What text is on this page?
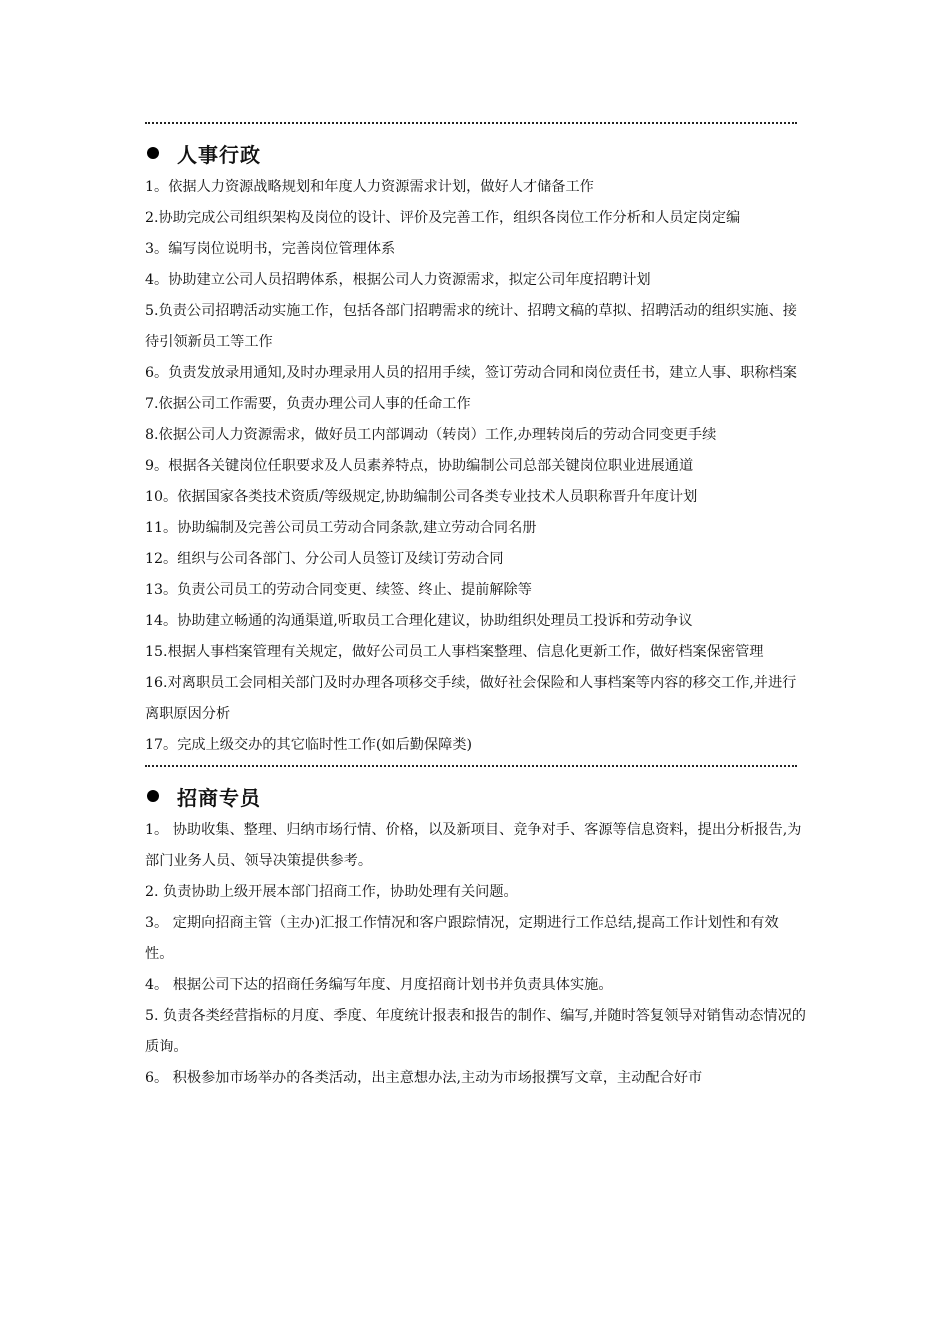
人事行政

1。依据人力资源战略规划和年度人力资源需求计划，做好人才储备工作

2.协助完成公司组织架构及岗位的设计、评价及完善工作，组织各岗位工作分析和人员定岗定编

3。编写岗位说明书，完善岗位管理体系

4。协助建立公司人员招聘体系，根据公司人力资源需求，拟定公司年度招聘计划

5.负责公司招聘活动实施工作，包括各部门招聘需求的统计、招聘文稿的草拟、招聘活动的组织实施、接待引领新员工等工作

6。负责发放录用通知,及时办理录用人员的招用手续，签订劳动合同和岗位责任书，建立人事、职称档案

7.依据公司工作需要，负责办理公司人事的任命工作

8.依据公司人力资源需求，做好员工内部调动（转岗）工作,办理转岗后的劳动合同变更手续

9。根据各关键岗位任职要求及人员素养特点，协助编制公司总部关键岗位职业进展通道

10。依据国家各类技术资质/等级规定,协助编制公司各类专业技术人员职称晋升年度计划

11。协助编制及完善公司员工劳动合同条款,建立劳动合同名册

12。组织与公司各部门、分公司人员签订及续订劳动合同

13。负责公司员工的劳动合同变更、续签、终止、提前解除等

14。协助建立畅通的沟通渠道,听取员工合理化建议，协助组织处理员工投诉和劳动争议

15.根据人事档案管理有关规定，做好公司员工人事档案整理、信息化更新工作，做好档案保密管理

16.对离职员工会同相关部门及时办理各项移交手续，做好社会保险和人事档案等内容的移交工作,并进行离职原因分析

17。完成上级交办的其它临时性工作(如后勤保障类)

招商专员

1。 协助收集、整理、归纳市场行情、价格，以及新项目、竞争对手、客源等信息资料，提出分析报告,为部门业务人员、领导决策提供参考。

2. 负责协助上级开展本部门招商工作，协助处理有关问题。

3。 定期向招商主管（主办)汇报工作情况和客户跟踪情况，定期进行工作总结,提高工作计划性和有效性。

4。 根据公司下达的招商任务编写年度、月度招商计划书并负责具体实施。

5. 负责各类经营指标的月度、季度、年度统计报表和报告的制作、编写,并随时答复领导对销售动态情况的质询。

6。 积极参加市场举办的各类活动，出主意想办法,主动为市场报撰写文章，主动配合好市
